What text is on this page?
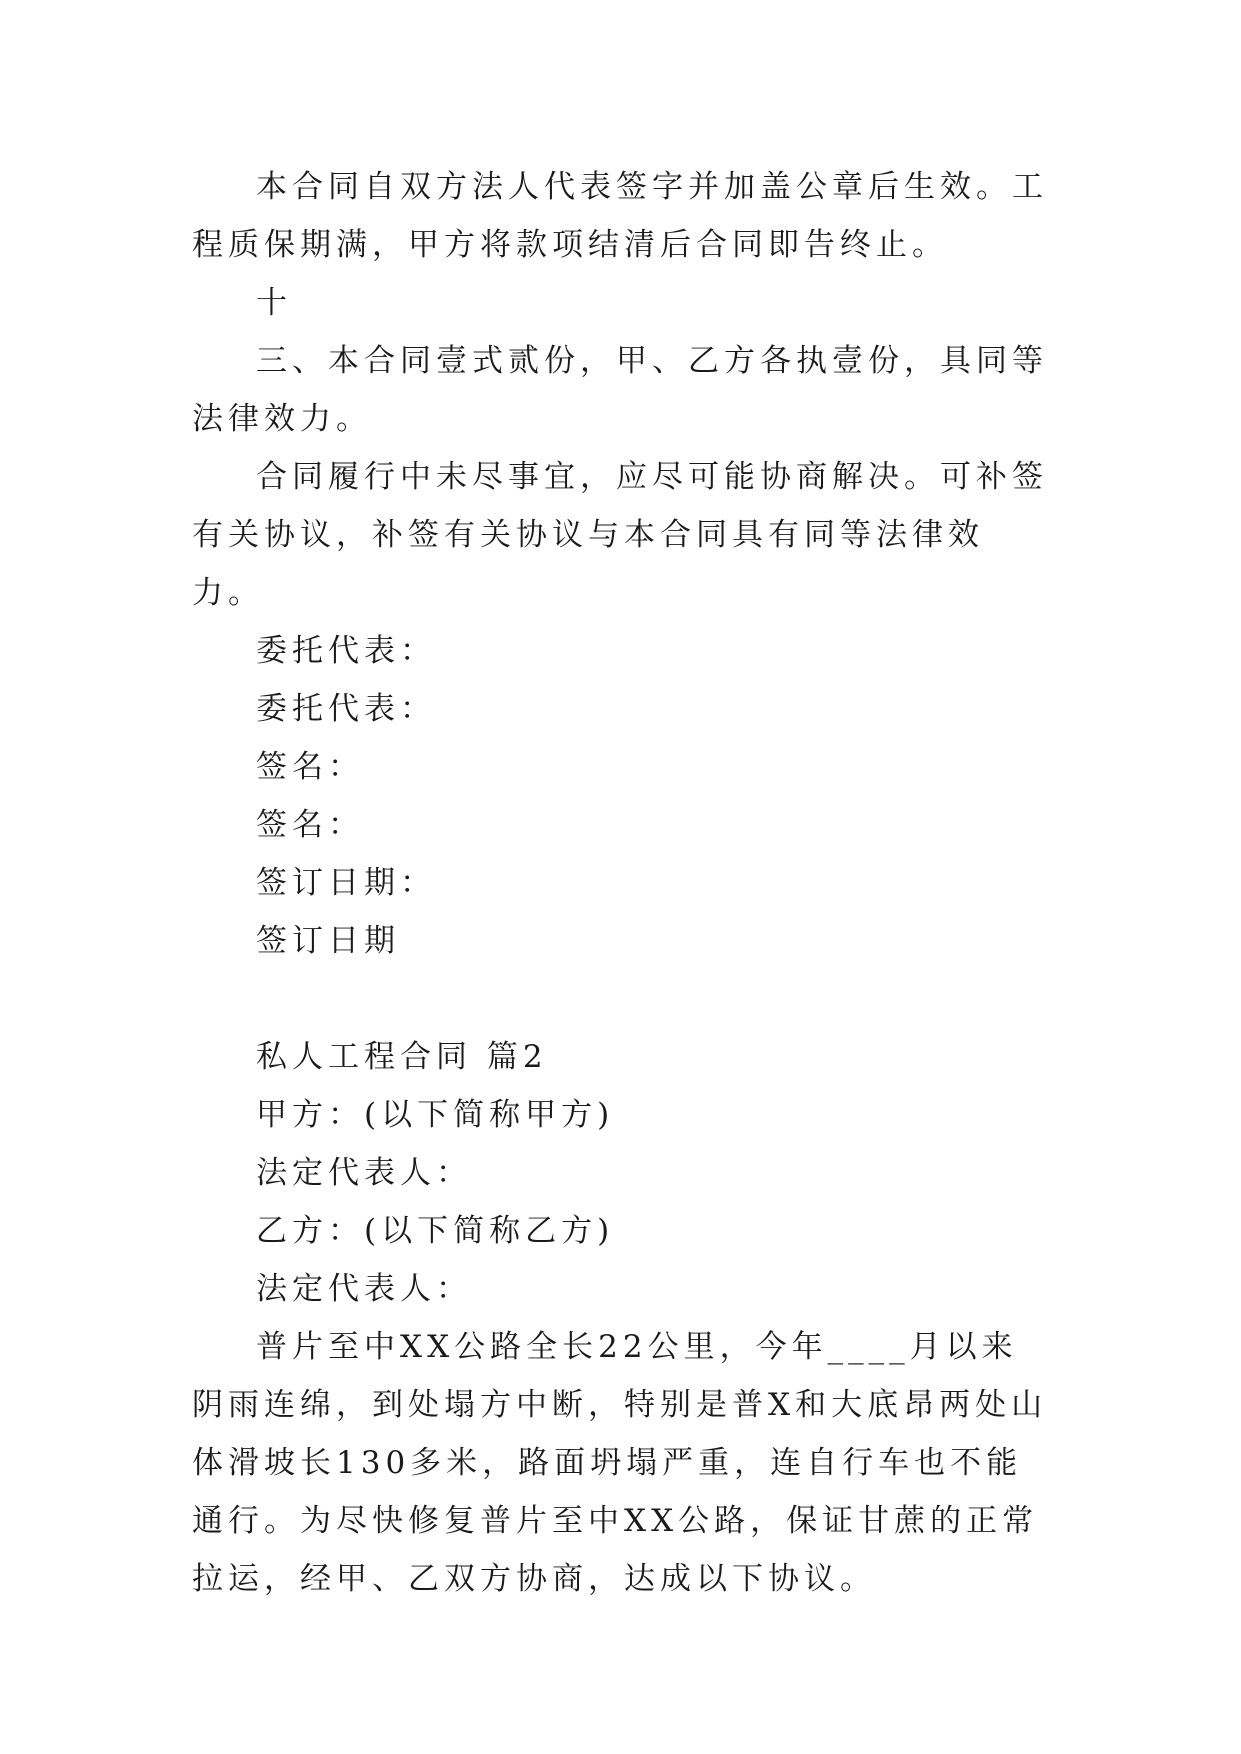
本合同自双方法人代表签字并加盖公章后生效。工程质保期满，甲方将款项结清后合同即告终止。

十

三、本合同壹式贰份，甲、乙方各执壹份，具同等法律效力。

合同履行中未尽事宜，应尽可能协商解决。可补签有关协议，补签有关协议与本合同具有同等法律效力。

委托代表：

委托代表：

签名：

签名：

签订日期：

签订日期

私人工程合同 篇2

甲方：(以下简称甲方)

法定代表人：

乙方：(以下简称乙方)

法定代表人：

普片至中XX公路全长22公里，今年____月以来阴雨连绵，到处塌方中断，特别是普X和大底昂两处山体滑坡长130多米，路面坍塌严重，连自行车也不能通行。为尽快修复普片至中XX公路，保证甘蔗的正常拉运，经甲、乙双方协商，达成以下协议。
